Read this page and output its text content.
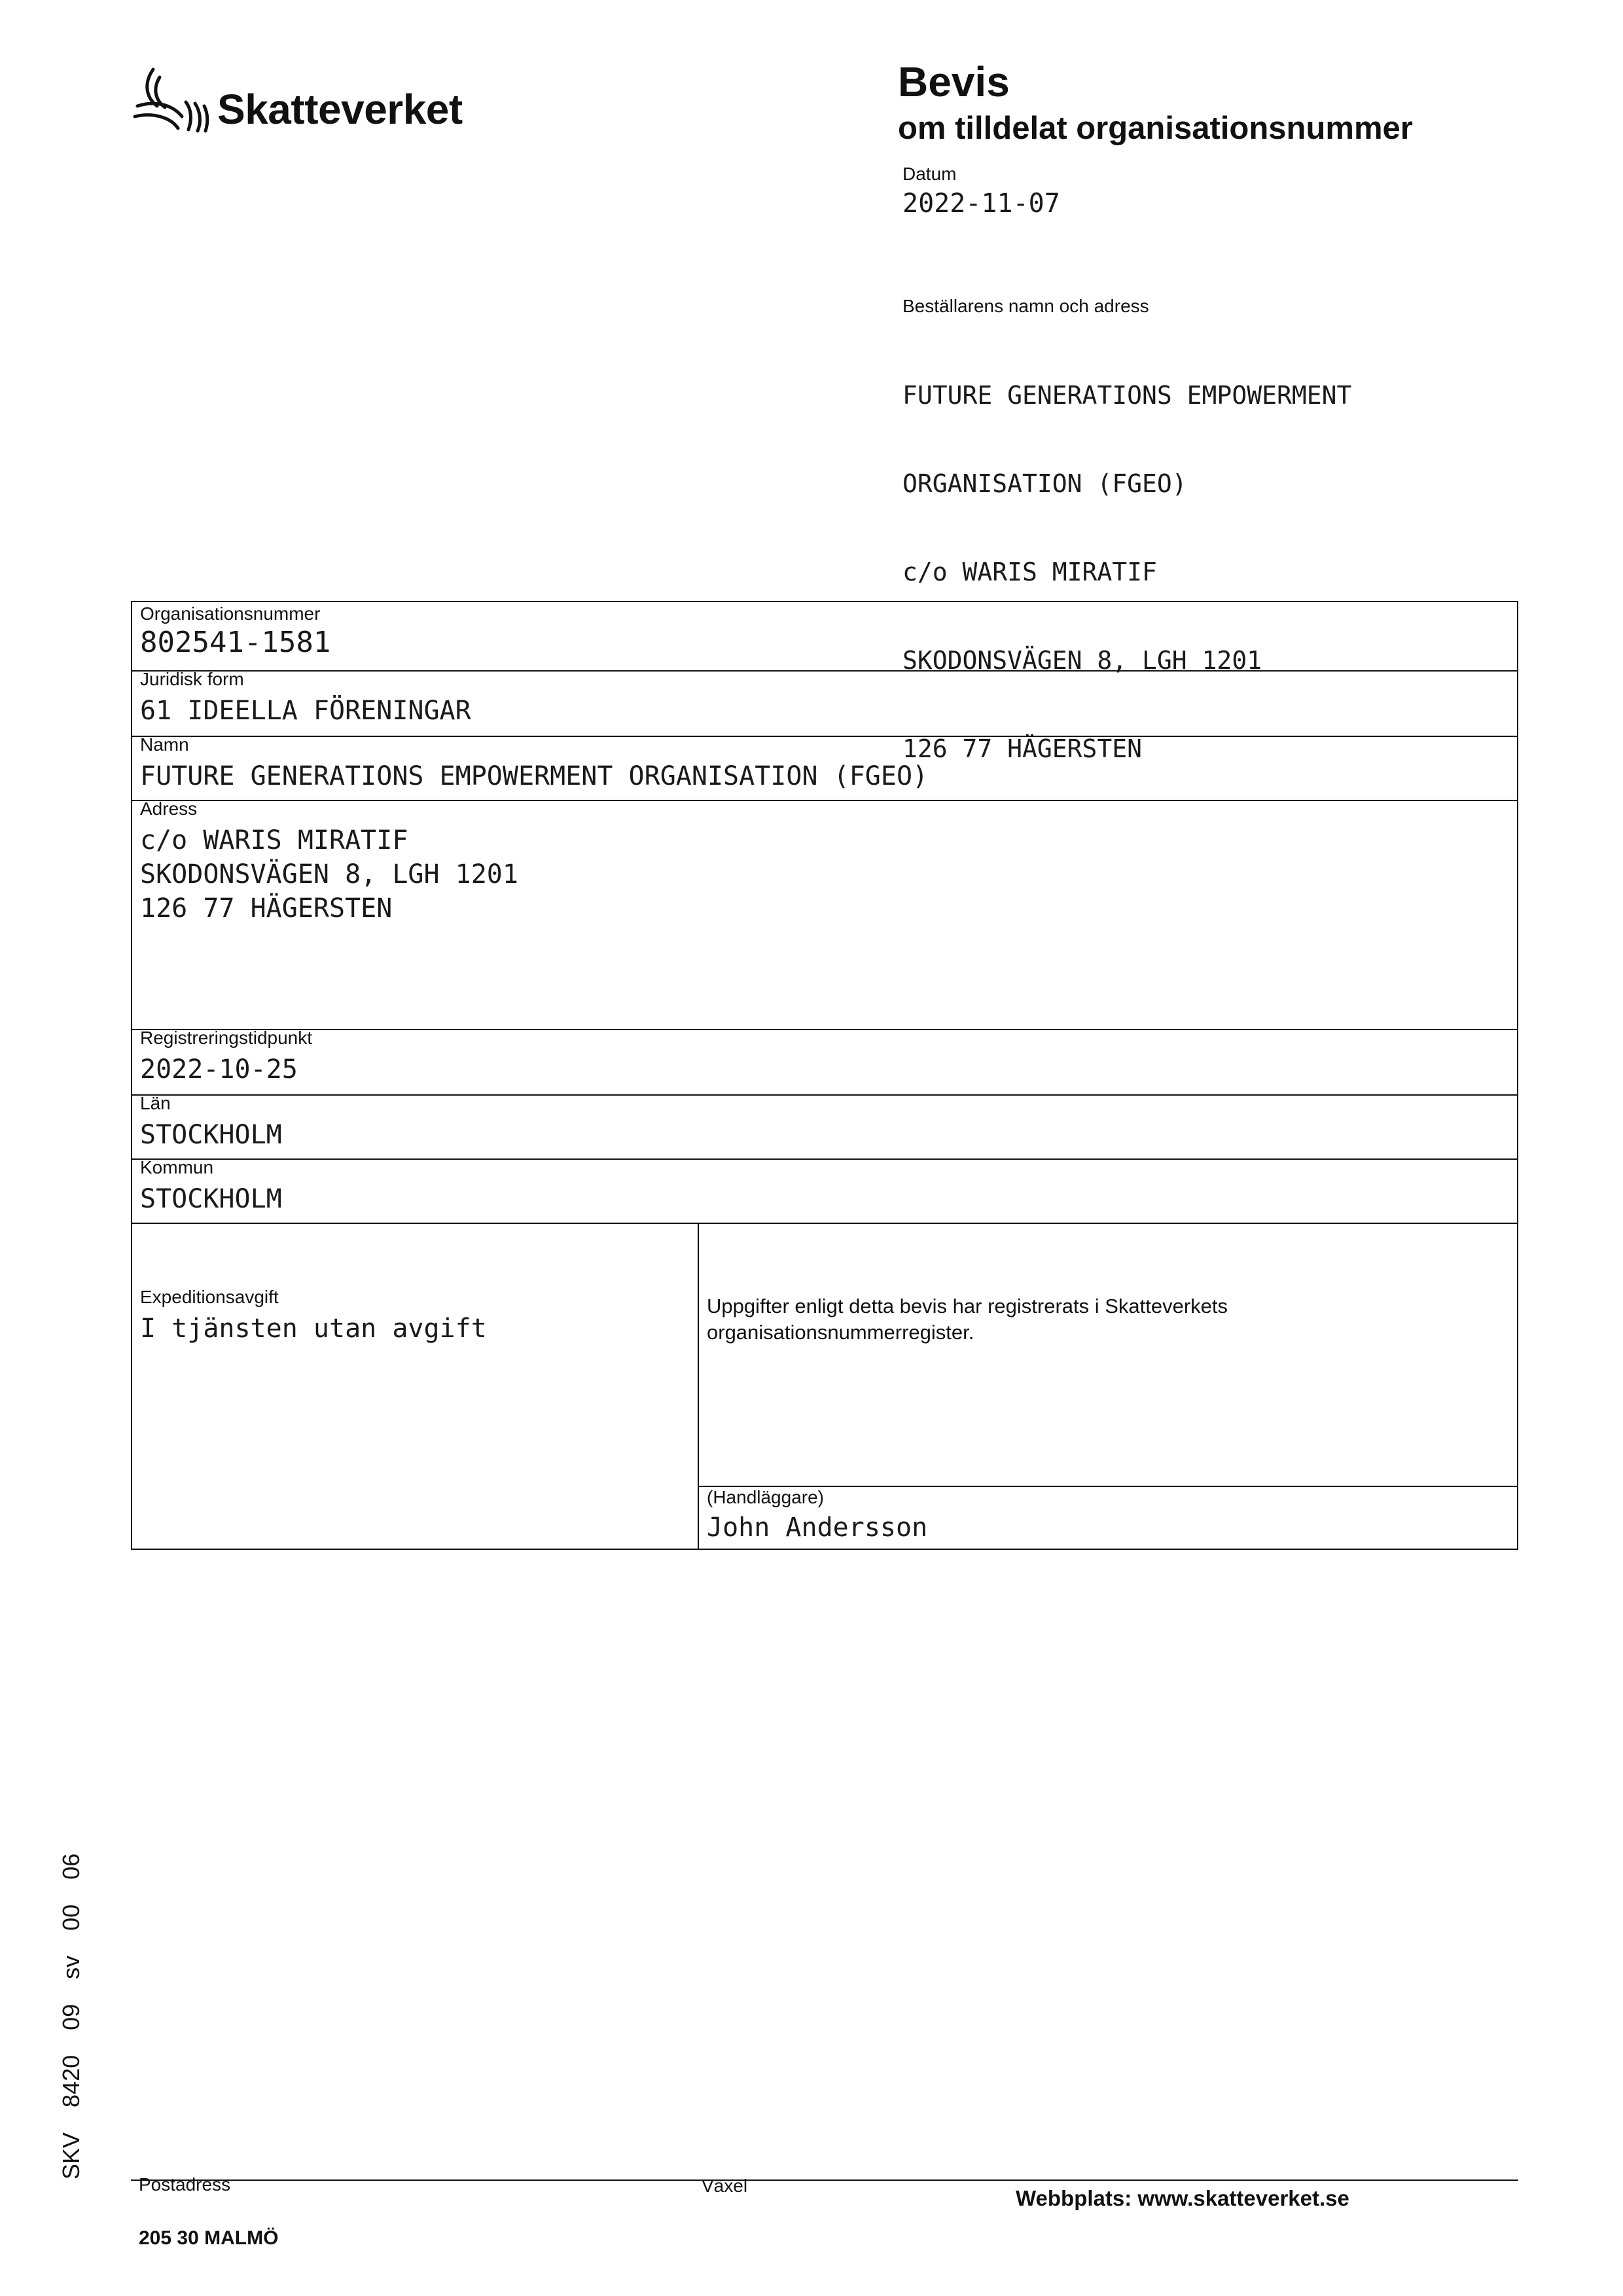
Skatteverket
Bevis
om tilldelat organisationsnummer
Datum
2022-11-07
Beställarens namn och adress

FUTURE GENERATIONS EMPOWERMENT

ORGANISATION (FGEO)

c/o WARIS MIRATIF

SKODONSVÄGEN 8, LGH 1201

126 77 HÄGERSTEN

Organisationsnummer
802541-1581
Juridisk form
61 IDEELLA FÖRENINGAR
Namn
FUTURE GENERATIONS EMPOWERMENT ORGANISATION (FGEO)
Adress
c/o WARIS MIRATIF
SKODONSVÄGEN 8, LGH 1201
126 77 HÄGERSTEN
Registreringstidpunkt
2022-10-25
Län
STOCKHOLM
Kommun
STOCKHOLM
Expeditionsavgift
I tjänsten utan avgift
Uppgifter enligt detta bevis har registrerats i Skatteverkets
organisationsnummerregister.
(Handläggare)
John Andersson
SKV 8420 09 sv 00 06
Postadress
205 30 MALMÖ
Växel
Webbplats: www.skatteverket.se
